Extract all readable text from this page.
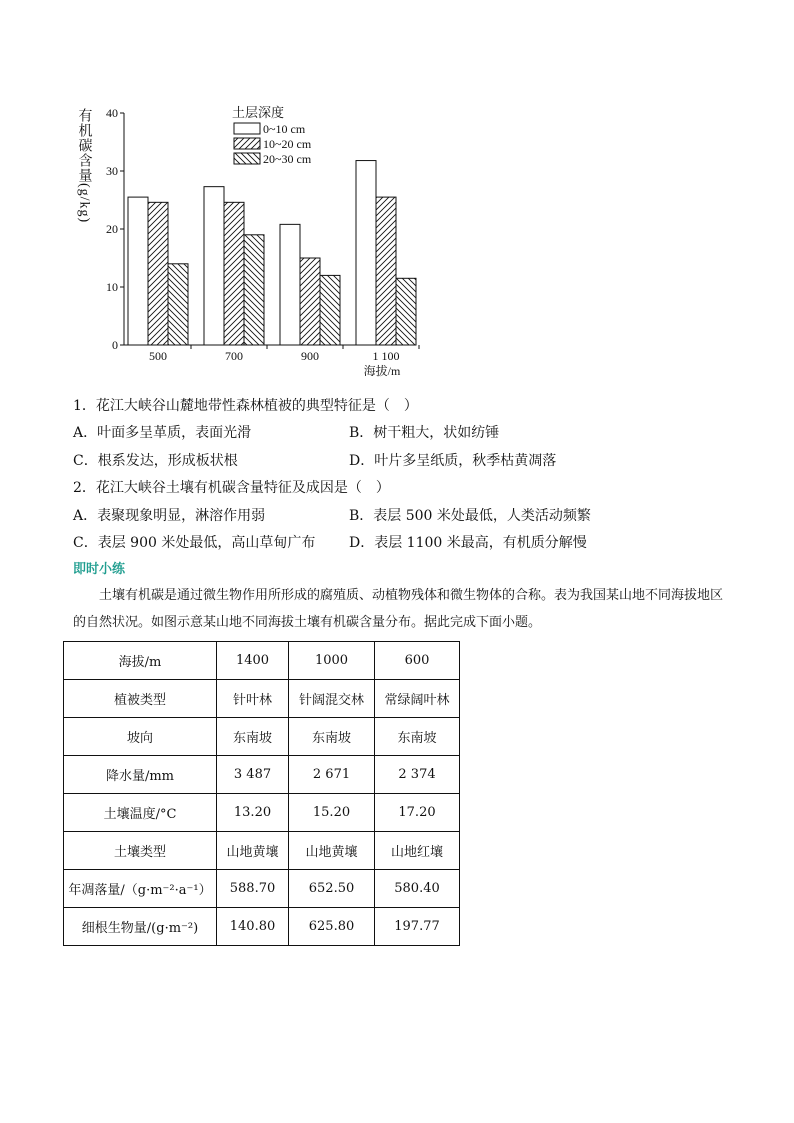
0
10
20
30
40
有机碳含量(g/kg)
500	700	900	1 100
海拔/m
土层深度
0~10 cm
10~20 cm
20~30 cm
1．花江大峡谷山麓地带性森林植被的典型特征是（　）
A．叶面多呈革质，表面光滑	B．树干粗大，状如纺锤
C．根系发达，形成板状根	D．叶片多呈纸质，秋季枯黄凋落
2．花江大峡谷土壤有机碳含量特征及成因是（　）
A．表聚现象明显，淋溶作用弱	B．表层 500 米处最低，人类活动频繁
C．表层 900 米处最低，高山草甸广布 D．表层 1100 米最高，有机质分解慢
即时小练
土壤有机碳是通过微生物作用所形成的腐殖质、动植物残体和微生物体的合称。表为我国某山地不同海拔地区的自然状况。如图示意某山地不同海拔土壤有机碳含量分布。据此完成下面小题。
海拔/m	1400	1000	600
植被类型	针叶林	针阔混交林	常绿阔叶林
坡向	东南坡	东南坡	东南坡
降水量/mm	3 487	2 671	2 374
土壤温度/°C	13.20	15.20	17.20
土壤类型	山地黄壤	山地黄壤	山地红壤
年凋落量/（g·m⁻²·a⁻¹）	588.70	652.50	580.40
细根生物量/(g·m⁻²)	140.80	625.80	197.77
